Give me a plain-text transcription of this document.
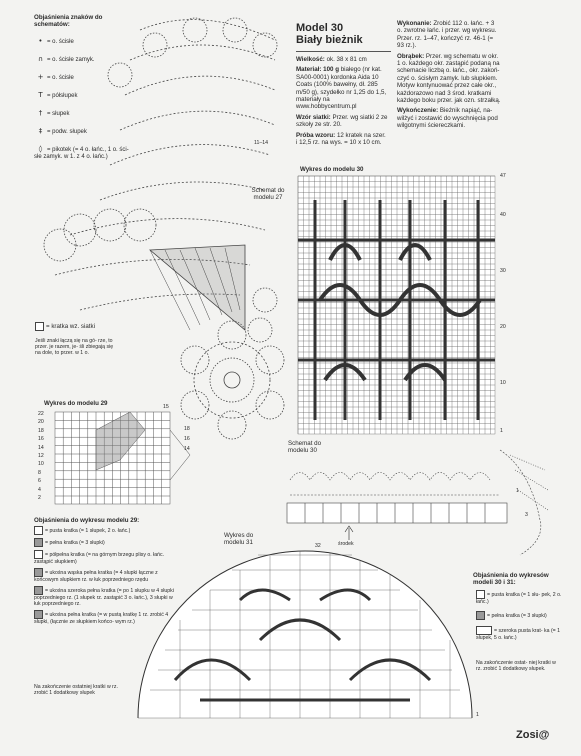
Objaśnienia znaków do schematów:
• = o. ścisłe
∩ = o. ścisłe zamyk.
+ = o. ścisłe
T = półsłupek
† = słupek
‡ = podw. słupek
◊ = pikotek (= 4 o. łańc., 1 o. ści- słe zamyk. w 1. z 4 o. łańc.)
= kratka wz. siatki
Jeśli znaki łączą się na gó- rze, to przer. je razem, je- śli zbiegają się na dole, to przer. w 1 o.
11–14
Schemat do modelu 27
Model 30
Biały bieżnik
Wielkość: ok. 38 x 81 cm
Materiał: 100 g białego (nr kat. SA00-0001) kordonka Aida 10 Coats (100% bawełny, dł. 285 m/50 g), szydełko nr 1,25 do 1,5, materiały na www.hobbycentrum.pl
Wzór siatki: Przer. wg siatki 2 ze szkoły ze str. 20.
Próba wzoru: 12 kratek na szer. i 12,5 rz. na wys. = 10 x 10 cm.
Wykonanie: Zrobić 112 o. łańc. + 3 o. zwrotne łańc. i przer. wg wykresu. Przer. rz. 1–47, kończyć rz. 46-1 (= 93 rz.).
Obrąbek: Przer. wg schematu w okr. 1 o. każdego okr. zastąpić podaną na schemacie liczbą o. łańc., okr. zakoń- czyć o. ścisłym zamyk. lub słupkiem. Motyw kontynuować przez całe okr., każdorazowo nad 3 środ. kratkami każdego boku przer. jak ozn. strzałką.
Wykończenie: Bieżnik napiąć, na- wilżyć i zostawić do wyschnięcia pod wilgotnymi ściereczkami.
Wykres do modelu 30
47
40
30
20
10
1
Schemat do modelu 30
środek
1
3
Wykres do modelu 29
22
20
18
16
14
12
10
8
6
4
2
15
18
16
14
Objaśnienia do wykresu modelu 29:
= pusta kratka (= 1 słupek, 2 o. łańc.)
= pełna kratka (= 3 słupki)
= półpełna kratka (= na górnym brzegu plisy o. łańc. zastąpić słupkiem)
= ukośna wąska pełna kratka (= 4 słupki łączne z końcowym słupkiem rz. w łuk poprzedniego rzędu
= ukośna szeroka pełna kratka (= po 1 słupku w 4 słupki poprzedniego rz. (1 słupek rz. zastąpić 3 o. łańc.), 3 słupki w łuk poprzedniego rz.
= ukośna pełna kratka (= w pustą kratkę 1 rz. zrobić 4 słupki, (łącznie ze słupkiem końco- wym rz.)
Na zakończenie ostatniej kratki w rz. zrobić 1 dodatkowy słupek
Wykres do modelu 31	32
1
Objaśnienia do wykresów modeli 30 i 31:
= pusta kratka (= 1 słu- pek, 2 o. łańc.)
= pełna kratka (= 3 słupki)
= szeroka pusta krat- ka (= 1 słupek, 5 o. łańc.)
Na zakończenie ostat- niej kratki w rz. zrobić 1 dodatkowy słupek.
Zosi@
